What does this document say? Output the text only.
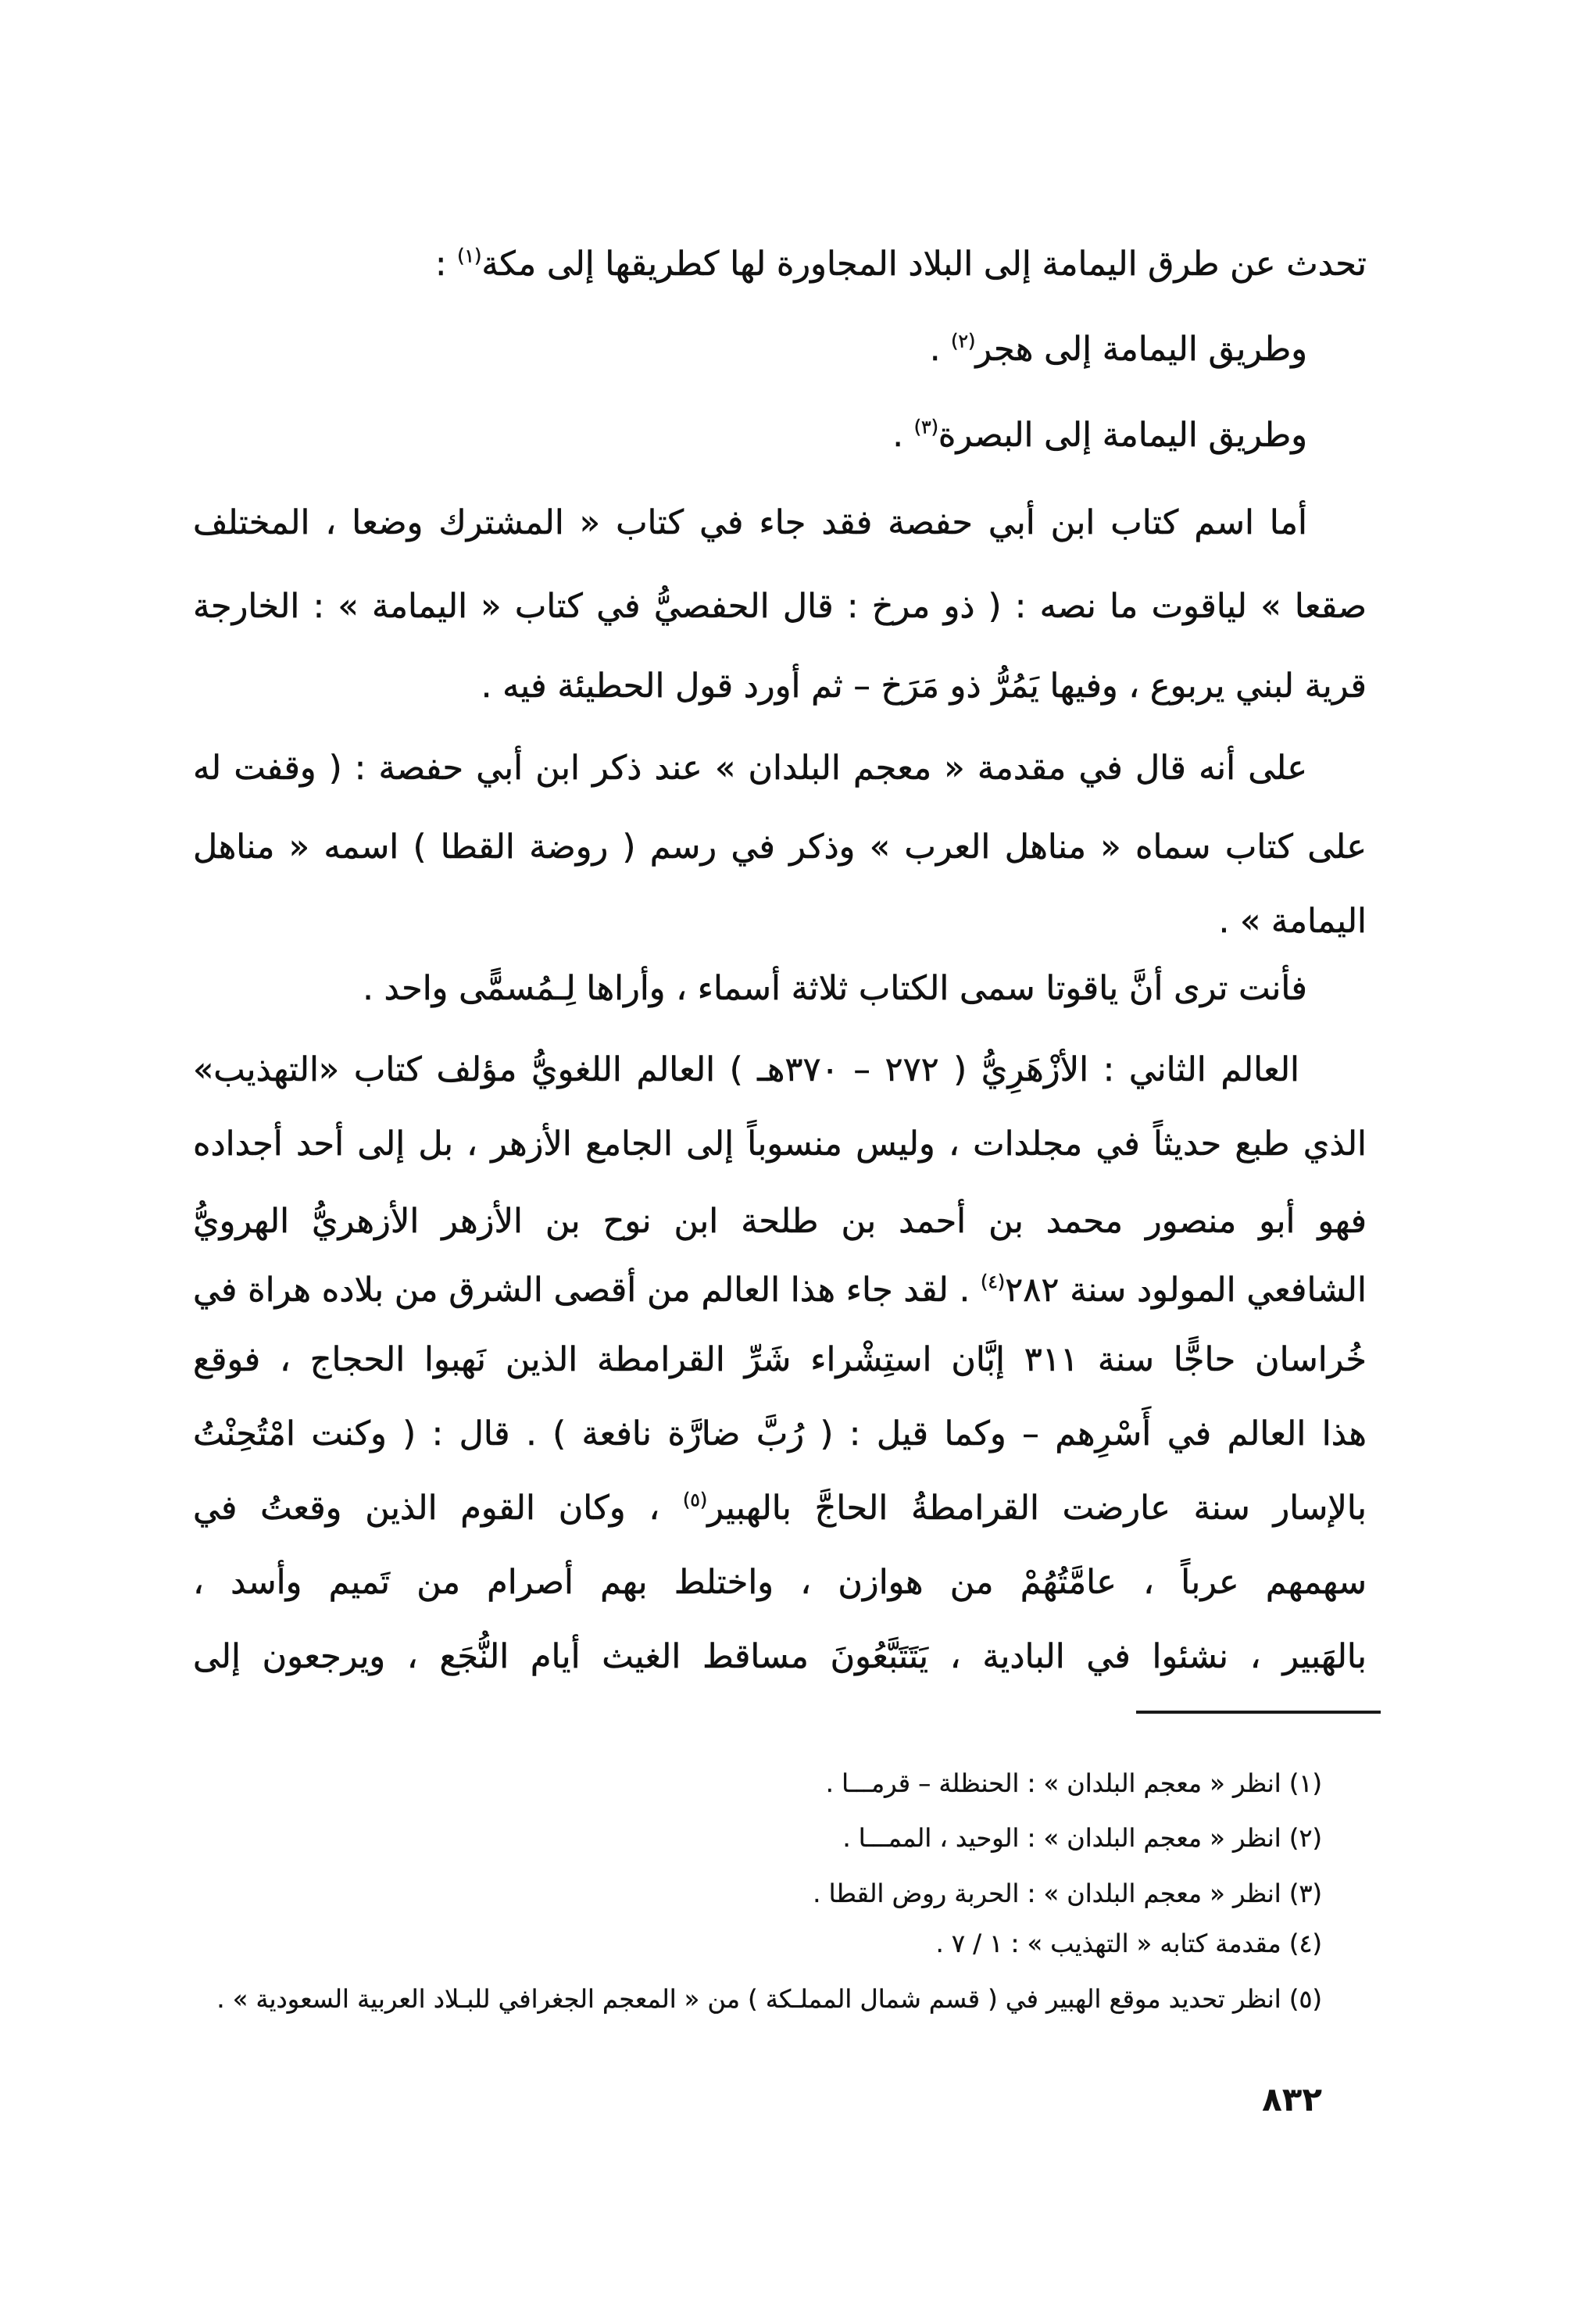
تحدث عن طرق اليمامة إلى البلاد المجاورة لها كطريقها إلى مكة$^{(١)}$ :
وطريق اليمامة إلى هجر$^{(٢)}$ .
وطريق اليمامة إلى البصرة$^{(٣)}$ .
أما اسم كتاب ابن أبي حفصة فقد جاء في كتاب « المشترك وضعا ، المختلف
صقعا » لياقوت ما نصه : ( ذو مرخ : قال الحفصيُّ في كتاب « اليمامة » : الخارجة
قرية لبني يربوع ، وفيها يَمُرُّ ذو مَرَخ – ثم أورد قول الحطيئة فيه .
على أنه قال في مقدمة « معجم البلدان » عند ذكر ابن أبي حفصة : ( وقفت له
على كتاب سماه « مناهل العرب » وذكر في رسم ( روضة القطا ) اسمه « مناهل
اليمامة » .
فأنت ترى أنَّ ياقوتا سمى الكتاب ثلاثة أسماء ، وأراها لِـمُسمًّى واحد .
العالم الثاني : الأزْهَرِيُّ ( ٢٧٢ – ٣٧٠هـ ) العالم اللغويُّ مؤلف كتاب «التهذيب»
الذي طبع حديثاً في مجلدات ، وليس منسوباً إلى الجامع الأزهر ، بل إلى أحد أجداده
فهو أبو منصور محمد بن أحمد بن طلحة ابن نوح بن الأزهر الأزهريُّ الهرويُّ
الشافعي المولود سنة ٢٨٢$^{(٤)}$ . لقد جاء هذا العالم من أقصى الشرق من بلاده هراة في
خُراسان حاجًّا سنة ٣١١ إبَّان استِشْراء شَرِّ القرامطة الذين نَهبوا الحجاج ، فوقع
هذا العالم في أَسْرِهم – وكما قيل : ( رُبَّ ضارَّة نافعة ) . قال : ( وكنت امْتُحِنْتُ
بالإسار سنة عارضت القرامطةُ الحاجَّ بالهبير$^{(٥)}$ ، وكان القوم الذين وقعتُ في
سهمهم عرباً ، عامَّتُهُمْ من هوازن ، واختلط بهم أصرام من تَميم وأسد ،
بالهَبير ، نشئوا في البادية ، يَتَتَبَّعُونَ مساقط الغيث أيام النُّجَع ، ويرجعون إلى
(١) انظر « معجم البلدان » : الحنظلة – قرمـــا .
(٢) انظر « معجم البلدان » : الوحيد ، الممـــا .
(٣) انظر « معجم البلدان » : الحربة روض القطا .
(٤) مقدمة كتابه « التهذيب » : ١ / ٧ .
(٥) انظر تحديد موقع الهبير في ( قسم شمال المملـكة ) من « المعجم الجغرافي للبـلاد العربية السعودية » .
٨٣٢
